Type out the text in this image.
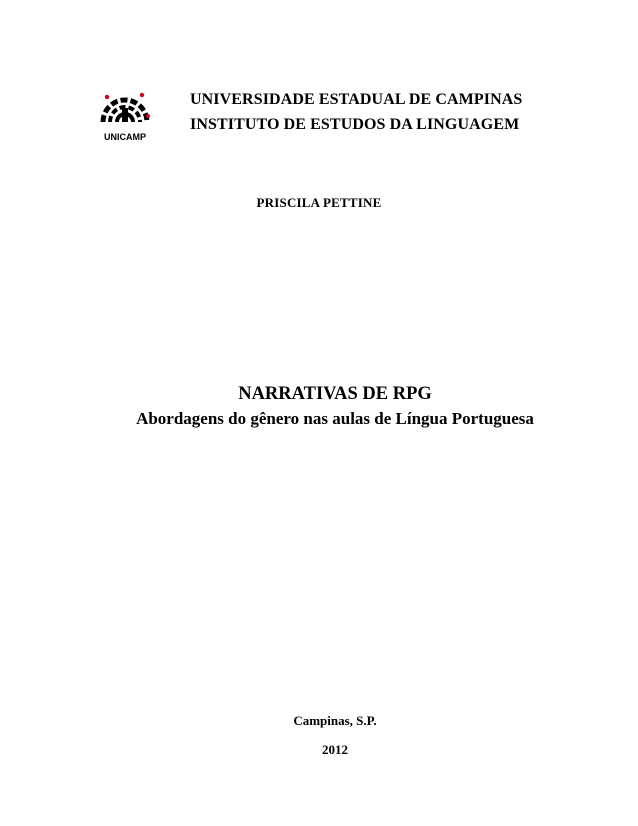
UNICAMP
UNIVERSIDADE ESTADUAL DE CAMPINAS
INSTITUTO DE ESTUDOS DA LINGUAGEM
PRISCILA PETTINE
NARRATIVAS DE RPG
Abordagens do gênero nas aulas de Língua Portuguesa
Campinas, S.P.
2012
